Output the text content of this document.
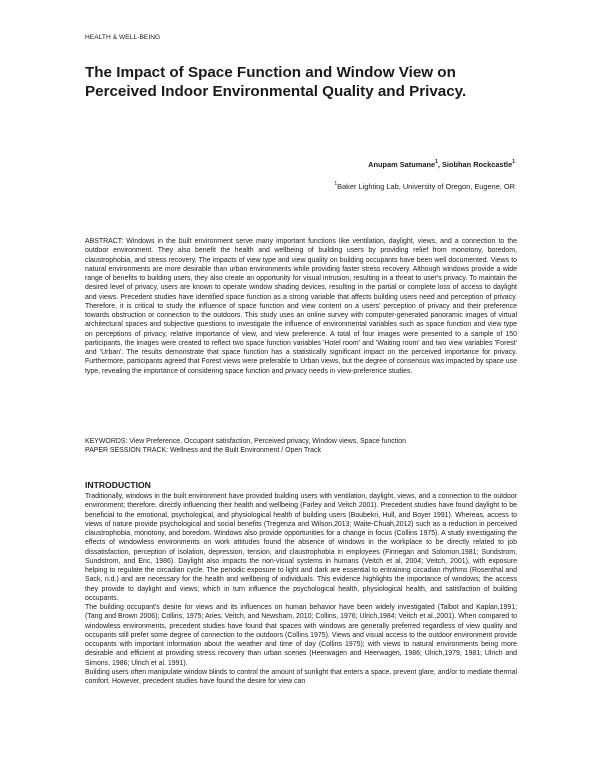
HEALTH & WELL-BEING
The Impact of Space Function and Window View on Perceived Indoor Environmental Quality and Privacy.
Anupam Satumane$^1$, Siobhan Rockcastle$^1$
$^1$Baker Lighting Lab, University of Oregon, Eugene, OR

ABSTRACT: Windows in the built environment serve many important functions like ventilation, daylight, views, and a connection to the outdoor environment. They also benefit the health and wellbeing of building users by providing relief from monotony, boredom, claustrophobia, and stress recovery. The impacts of view type and view quality on building occupants have been well documented. Views to natural environments are more desirable than urban environments while providing faster stress recovery. Although windows provide a wide range of benefits to building users, they also create an opportunity for visual intrusion, resulting in a threat to user's privacy. To maintain the desired level of privacy, users are known to operate window shading devices, resulting in the partial or complete loss of access to daylight and views. Precedent studies have identified space function as a strong variable that affects building users need and perception of privacy. Therefore, it is critical to study the influence of space function and view content on a users' perception of privacy and their preference towards obstruction or connection to the outdoors. This study uses an online survey with computer-generated panoramic images of virtual architectural spaces and subjective questions to investigate the influence of environmental variables such as space function and view type on perceptions of privacy, relative importance of view, and view preference. A total of four images were presented to a sample of 150 participants, the images were created to reflect two space function variables 'Hotel room' and 'Waiting room' and two view variables 'Forest' and 'Urban'. The results demonstrate that space function has a statistically significant impact on the perceived importance for privacy. Furthermore, participants agreed that Forest views were preferable to Urban views, but the degree of consensus was impacted by space use type, revealing the importance of considering space function and privacy needs in view-preference studies.

KEYWORDS: View Preference, Occupant satisfaction, Perceived privacy, Window views, Space function
PAPER SESSION TRACK: Wellness and the Built Environment / Open Track
INTRODUCTION

Traditionally, windows in the built environment have provided building users with ventilation, daylight, views, and a connection to the outdoor environment; therefore, directly influencing their health and wellbeing (Farley and Veitch 2001). Precedent studies have found daylight to be beneficial to the emotional, psychological, and physiological health of building users (Boubekri, Hull, and Boyer 1991). Whereas, access to views of nature provide psychological and social benefits (Tregenza and Wilson,2013; Waite-Chuah,2012) such as a reduction in perceived claustrophobia, monotony, and boredom. Windows also provide opportunities for a change in focus (Collins 1975). A study investigating the effects of windowless environments on work attitudes found the absence of windows in the workplace to be directly related to job dissatisfaction, perception of isolation, depression, tension, and claustrophobia in employees (Finnegan and Solomon,1981; Sundstrom, Sundstrom, and Eric, 1986). Daylight also impacts the non-visual systems in humans (Veitch et al, 2004; Veitch, 2001), with exposure helping to regulate the circadian cycle. The periodic exposure to light and dark are essential to entraining circadian rhythms (Rosenthal and Sack, n.d.) and are necessary for the health and wellbeing of individuals. This evidence highlights the importance of windows; the access they provide to daylight and views; which in turn influence the psychological health, physiological health, and satisfaction of building occupants.

The building occupant's desire for views and its influences on human behavior have been widely investigated (Talbot and Kaplan,1991; (Tang and Brown 2006); Collins, 1975; Aries, Veitch, and Newsham, 2010; Collins, 1976; Ulrich,1984; Veitch et al.,2001). When compared to windowless environments, precedent studies have found that spaces with windows are generally preferred regardless of view quality and occupants still prefer some degree of connection to the outdoors (Collins 1975). Views and visual access to the outdoor environment provide occupants with important information about the weather and time of day (Collins 1975); with views to natural environments being more desirable and efficient at providing stress recovery than urban scenes (Heerwagen and Heerwagen, 1986; Ulrich,1979, 1981; Ulrich and Simons, 1986; Ulrich et al. 1991).

Building users often manipulate window blinds to control the amount of sunlight that enters a space, prevent glare, and/or to mediate thermal comfort. However, precedent studies have found the desire for view can
